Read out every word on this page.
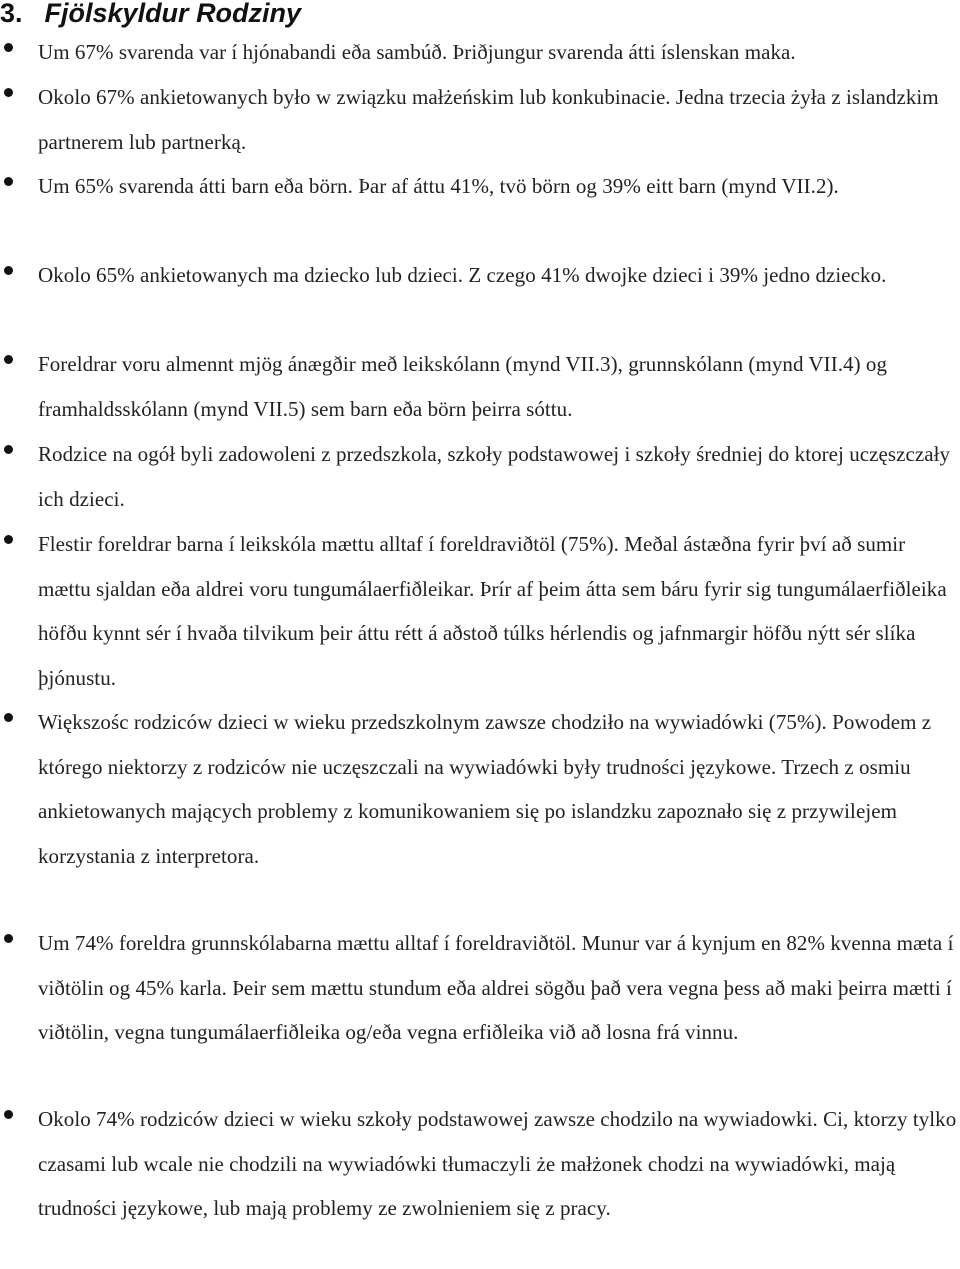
3. Fjölskyldur Rodziny

Um 67% svarenda var í hjónabandi eða sambúð. Þriðjungur svarenda átti íslenskan maka.

Okolo 67% ankietowanych było w związku małżeńskim lub konkubinacie. Jedna trzecia żyła z islandzkim partnerem lub partnerką.

Um 65% svarenda átti barn eða börn. Þar af áttu 41%, tvö börn og 39% eitt barn (mynd VII.2).

Okolo 65% ankietowanych ma dziecko lub dzieci. Z czego 41% dwojke dzieci i 39% jedno dziecko.

Foreldrar voru almennt mjög ánægðir með leikskólann (mynd VII.3), grunnskólann (mynd VII.4) og framhaldsskólann (mynd VII.5) sem barn eða börn þeirra sóttu.

Rodzice na ogół byli zadowoleni z przedszkola, szkoły podstawowej i szkoły średniej do ktorej uczęszczały ich dzieci.

Flestir foreldrar barna í leikskóla mættu alltaf í foreldraviðtöl (75%). Meðal ástæðna fyrir því að sumir mættu sjaldan eða aldrei voru tungumálaerfiðleikar. Þrír af þeim átta sem báru fyrir sig tungumálaerfiðleika höfðu kynnt sér í hvaða tilvikum þeir áttu rétt á aðstoð túlks hérlendis og jafnmargir höfðu nýtt sér slíka þjónustu.

Większośc rodziców dzieci w wieku przedszkolnym zawsze chodziło na wywiadówki (75%). Powodem z którego niektorzy z rodziców nie uczęszczali na wywiadówki były trudności językowe. Trzech z osmiu ankietowanych mających problemy z komunikowaniem się po islandzku zapoznało się z przywilejem korzystania z interpretora.

Um 74% foreldra grunnskólabarna mættu alltaf í foreldraviðtöl. Munur var á kynjum en 82% kvenna mæta í viðtölin og 45% karla. Þeir sem mættu stundum eða aldrei sögðu það vera vegna þess að maki þeirra mætti í viðtölin, vegna tungumálaerfiðleika og/eða vegna erfiðleika við að losna frá vinnu.

Okolo 74% rodziców dzieci w wieku szkoły podstawowej zawsze chodzilo na wywiadowki. Ci, ktorzy tylko czasami lub wcale nie chodzili na wywiadówki tłumaczyli że małżonek chodzi na wywiadówki, mają trudności językowe, lub mają problemy ze zwolnieniem się z pracy.
